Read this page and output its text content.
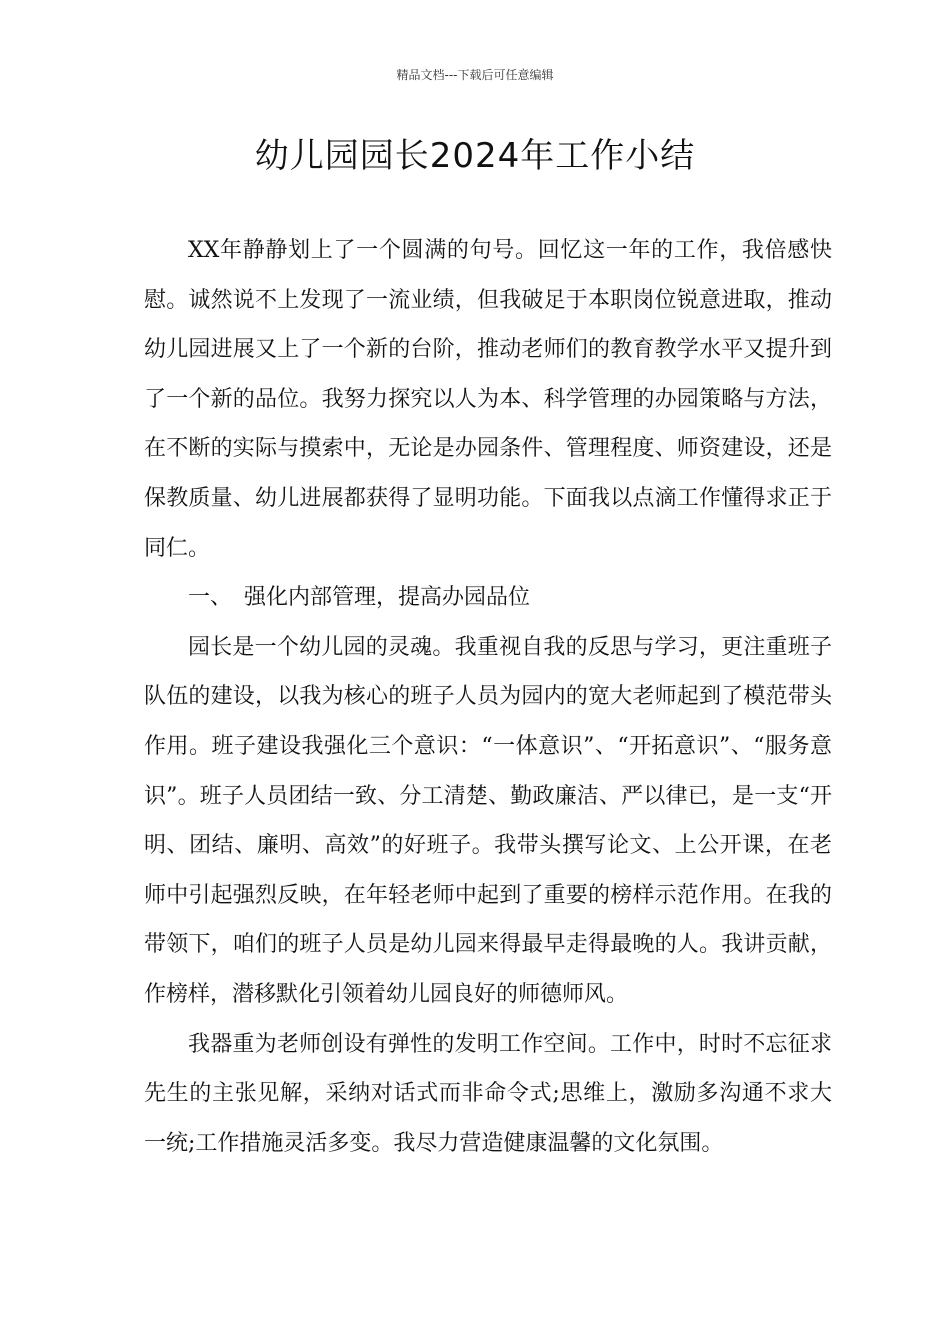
精品文档---下载后可任意编辑
幼儿园园长2024年工作小结

XX年静静划上了一个圆满的句号。回忆这一年的工作，我倍感快慰。诚然说不上发现了一流业绩，但我破足于本职岗位锐意进取，推动幼儿园进展又上了一个新的台阶，推动老师们的教育教学水平又提升到了一个新的品位。我努力探究以人为本、科学管理的办园策略与方法，在不断的实际与摸索中，无论是办园条件、管理程度、师资建设，还是保教质量、幼儿进展都获得了显明功能。下面我以点滴工作懂得求正于同仁。

一、 强化内部管理，提高办园品位

园长是一个幼儿园的灵魂。我重视自我的反思与学习，更注重班子队伍的建设，以我为核心的班子人员为园内的宽大老师起到了模范带头作用。班子建设我强化三个意识：“一体意识”、“开拓意识”、“服务意识”。班子人员团结一致、分工清楚、勤政廉洁、严以律已，是一支“开明、团结、廉明、高效”的好班子。我带头撰写论文、上公开课，在老师中引起强烈反映，在年轻老师中起到了重要的榜样示范作用。在我的带领下，咱们的班子人员是幼儿园来得最早走得最晚的人。我讲贡献，作榜样，潜移默化引领着幼儿园良好的师德师风。

我器重为老师创设有弹性的发明工作空间。工作中，时时不忘征求先生的主张见解，采纳对话式而非命令式;思维上，激励多沟通不求大一统;工作措施灵活多变。我尽力营造健康温馨的文化氛围。
